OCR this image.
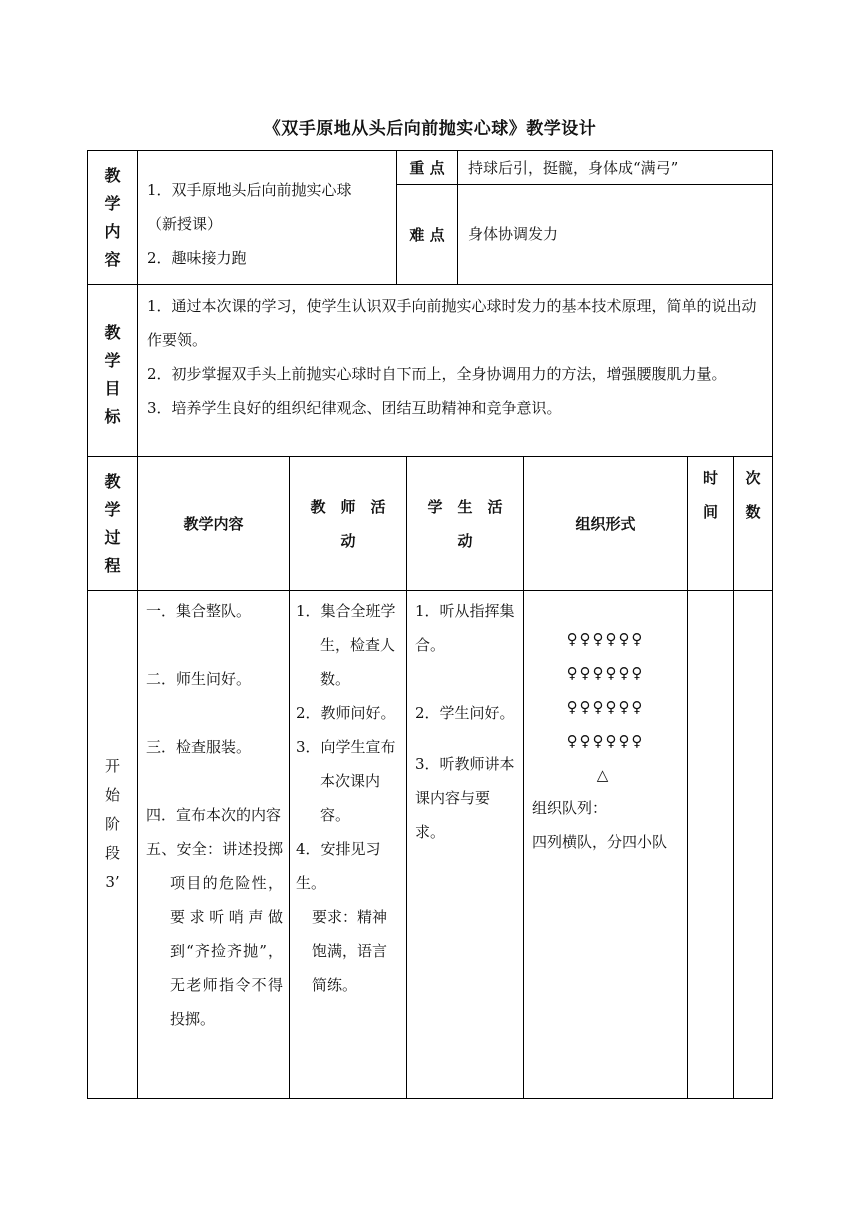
《双手原地从头后向前抛实心球》教学设计
教
学
内
容

1．双手原地头后向前抛实心球

（新授课）

2．趣味接力跑

重 点	持球后引，挺髋，身体成“满弓”
难 点	身体协调发力
教
学
目
标

1．通过本次课的学习，使学生认识双手向前抛实心球时发力的基本技术原理，简单的说出动作要领。

2．初步掌握双手头上前抛实心球时自下而上，全身协调用力的方法，增强腰腹肌力量。

3．培养学生良好的组织纪律观念、团结互助精神和竞争意识。

教
学
过
程
教学内容
教　师　活　动
学　生　活　动
组织形式
时间
次数
开
始
阶
段
3’

一．集合整队。

二．师生问好。

三．检查服装。

四．宣布本次的内容

五、安全：讲述投掷项目的危险性，要求听哨声做到“齐捡齐抛”，无老师指令不得投掷。

1．集合全班学生，检查人数。

2．教师问好。

3．向学生宣布本次课内容。

4．安排见习生。

要求：精神饱满，语言简练。

1．听从指挥集合。

2．学生问好。

3．听教师讲本课内容与要求。

♀♀♀♀♀♀
♀♀♀♀♀♀
♀♀♀♀♀♀
♀♀♀♀♀♀
△
组织队列：
四列横队，分四小队
